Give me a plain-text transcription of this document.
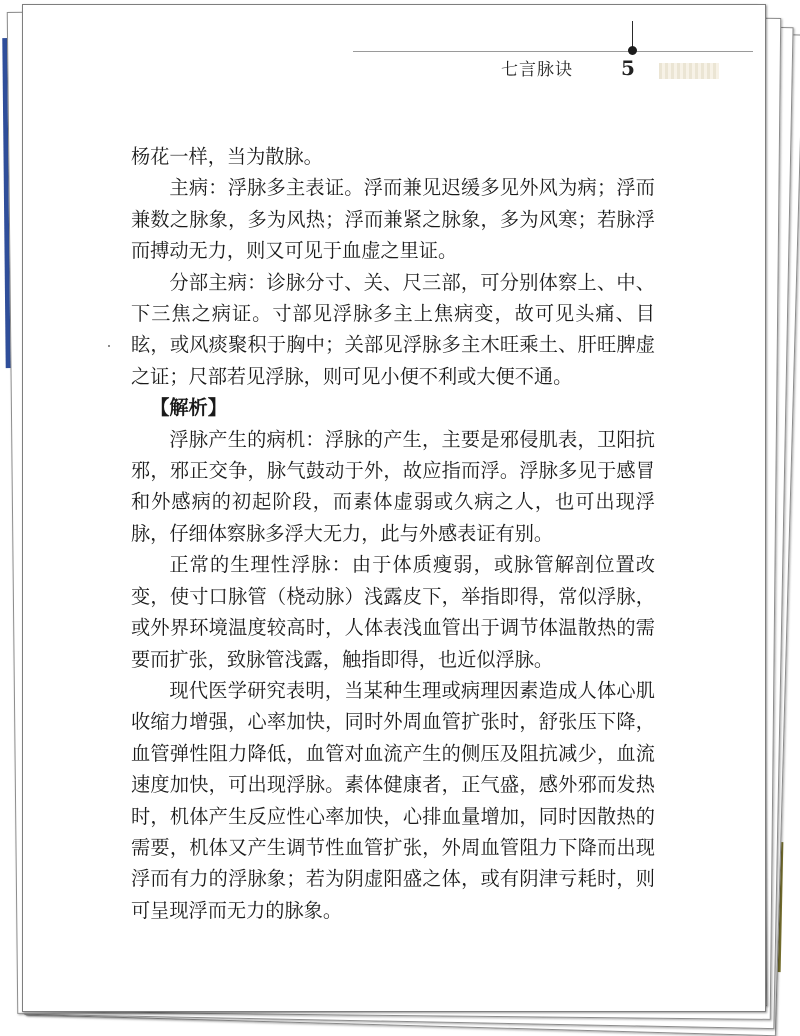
七言脉诀 5

杨花一样，当为散脉。

主病：浮脉多主表证。浮而兼见迟缓多见外风为病；浮而兼数之脉象，多为风热；浮而兼紧之脉象，多为风寒；若脉浮而搏动无力，则又可见于血虚之里证。

分部主病：诊脉分寸、关、尺三部，可分别体察上、中、下三焦之病证。寸部见浮脉多主上焦病变，故可见头痛、目眩，或风痰聚积于胸中；关部见浮脉多主木旺乘土、肝旺脾虚之证；尺部若见浮脉，则可见小便不利或大便不通。

【解析】

浮脉产生的病机：浮脉的产生，主要是邪侵肌表，卫阳抗邪，邪正交争，脉气鼓动于外，故应指而浮。浮脉多见于感冒和外感病的初起阶段，而素体虚弱或久病之人，也可出现浮脉，仔细体察脉多浮大无力，此与外感表证有别。

正常的生理性浮脉：由于体质瘦弱，或脉管解剖位置改变，使寸口脉管（桡动脉）浅露皮下，举指即得，常似浮脉，或外界环境温度较高时，人体表浅血管出于调节体温散热的需要而扩张，致脉管浅露，触指即得，也近似浮脉。

现代医学研究表明，当某种生理或病理因素造成人体心肌收缩力增强，心率加快，同时外周血管扩张时，舒张压下降，血管弹性阻力降低，血管对血流产生的侧压及阻抗减少，血流速度加快，可出现浮脉。素体健康者，正气盛，感外邪而发热时，机体产生反应性心率加快，心排血量增加，同时因散热的需要，机体又产生调节性血管扩张，外周血管阻力下降而出现浮而有力的浮脉象；若为阴虚阳盛之体，或有阴津亏耗时，则可呈现浮而无力的脉象。
